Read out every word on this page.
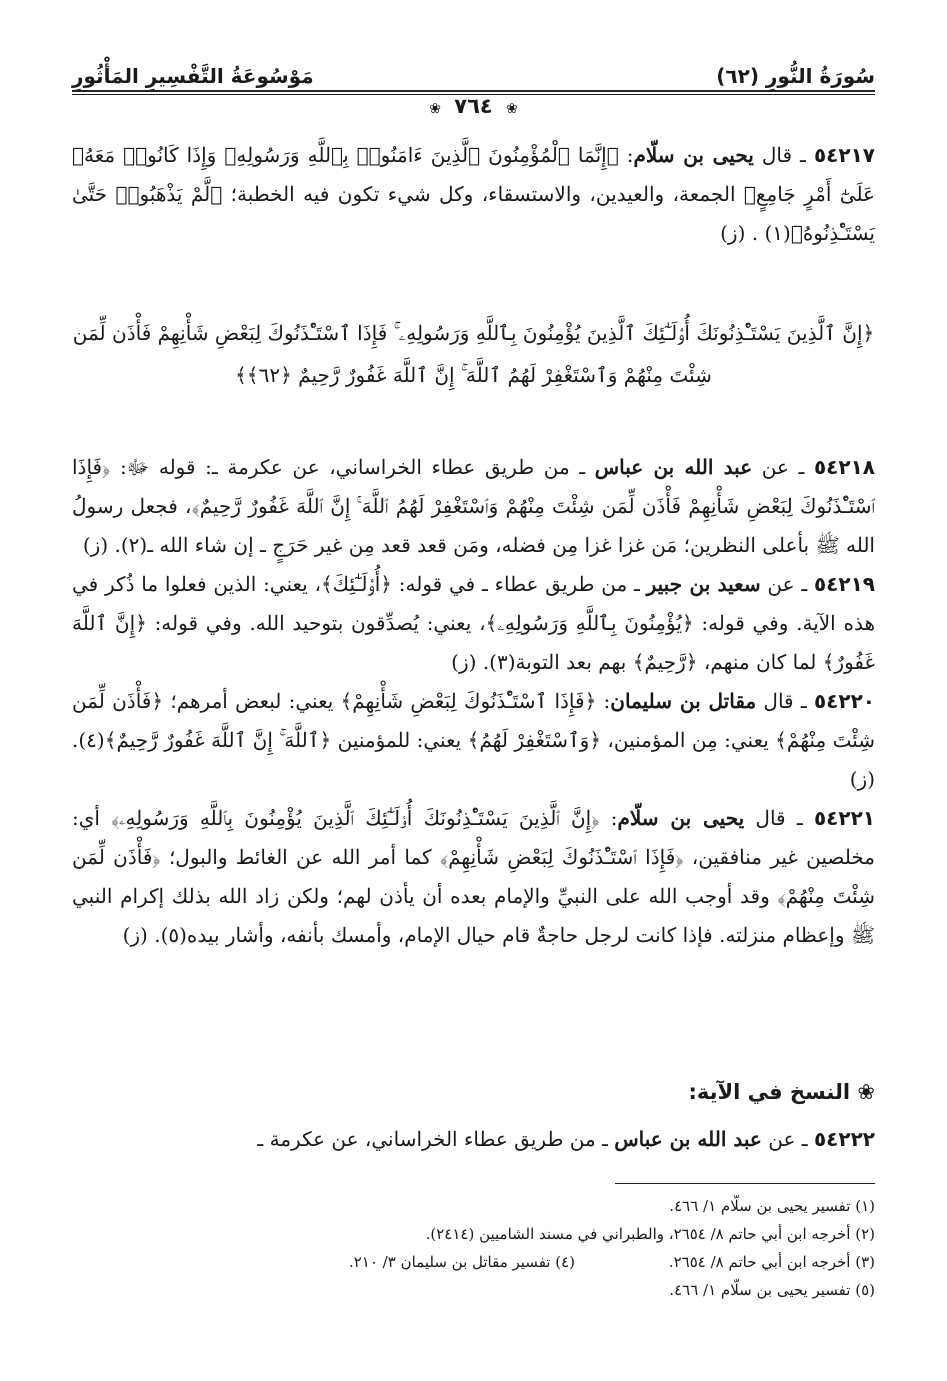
سُورَةُ النُّورِ (٦٢)
مَوْسُوعَةُ التَّفْسِيرِ المَأْثُورِ
❀ ٧٦٤ ❀

٥٤٢١٧ ـ قال يحيى بن سلّام: ﴿إِنَّمَا ٱلْمُؤْمِنُونَ ٱلَّذِينَ ءَامَنُوا۟ بِٱللَّهِ وَرَسُولِهِۦ وَإِذَا كَانُوا۟ مَعَهُۥ عَلَىٰٓ أَمْرٍ جَامِعٍ﴾ الجمعة، والعيدين، والاستسقاء، وكل شيء تكون فيه الخطبة؛ ﴿لَّمْ يَذْهَبُوا۟ حَتَّىٰ يَسْتَـْٔذِنُوهُ﴾(١) . (ز)

﴿إِنَّ ٱلَّذِينَ يَسْتَـْٔذِنُونَكَ أُو۟لَـٰٓئِكَ ٱلَّذِينَ يُؤْمِنُونَ بِٱللَّهِ وَرَسُولِهِۦ ۚ فَإِذَا ٱسْتَـْٔذَنُوكَ لِبَعْضِ شَأْنِهِمْ فَأْذَن لِّمَن شِئْتَ مِنْهُمْ وَٱسْتَغْفِرْ لَهُمُ ٱللَّهَ ۚ إِنَّ ٱللَّهَ غَفُورٌ رَّحِيمٌ ﴿٦٢﴾﴾

٥٤٢١٨ ـ عن عبد الله بن عباس ـ من طريق عطاء الخراساني، عن عكرمة ـ: قوله ﷻ: ﴿فَإِذَا ٱسْتَـْٔذَنُوكَ لِبَعْضِ شَأْنِهِمْ فَأْذَن لِّمَن شِئْتَ مِنْهُمْ وَٱسْتَغْفِرْ لَهُمُ ٱللَّهَ ۚ إِنَّ ٱللَّهَ غَفُورٌ رَّحِيمٌ﴾، فجعل رسولُ الله ﷺ بأعلى النظرين؛ مَن غزا غزا مِن فضله، ومَن قعد قعد مِن غير حَرَجٍ ـ إن شاء الله ـ(٢). (ز)

٥٤٢١٩ ـ عن سعيد بن جبير ـ من طريق عطاء ـ في قوله: ﴿أُو۟لَـٰٓئِكَ﴾، يعني: الذين فعلوا ما ذُكر في هذه الآية. وفي قوله: ﴿يُؤْمِنُونَ بِٱللَّهِ وَرَسُولِهِۦ﴾، يعني: يُصدِّقون بتوحيد الله. وفي قوله: ﴿إِنَّ ٱللَّهَ غَفُورٌ﴾ لما كان منهم، ﴿رَّحِيمٌ﴾ بهم بعد التوبة(٣). (ز)

٥٤٢٢٠ ـ قال مقاتل بن سليمان: ﴿فَإِذَا ٱسْتَـْٔذَنُوكَ لِبَعْضِ شَأْنِهِمْ﴾ يعني: لبعض أمرهم؛ ﴿فَأْذَن لِّمَن شِئْتَ مِنْهُمْ﴾ يعني: مِن المؤمنين، ﴿وَٱسْتَغْفِرْ لَهُمُ﴾ يعني: للمؤمنين ﴿ٱللَّهَ ۚ إِنَّ ٱللَّهَ غَفُورٌ رَّحِيمٌ﴾(٤). (ز)

٥٤٢٢١ ـ قال يحيى بن سلّام: ﴿إِنَّ ٱلَّذِينَ يَسْتَـْٔذِنُونَكَ أُو۟لَـٰٓئِكَ ٱلَّذِينَ يُؤْمِنُونَ بِٱللَّهِ وَرَسُولِهِۦ﴾ أي: مخلصين غير منافقين، ﴿فَإِذَا ٱسْتَـْٔذَنُوكَ لِبَعْضِ شَأْنِهِمْ﴾ كما أمر الله عن الغائط والبول؛ ﴿فَأْذَن لِّمَن شِئْتَ مِنْهُمْ﴾ وقد أوجب الله على النبيِّ والإمام بعده أن يأذن لهم؛ ولكن زاد الله بذلك إكرام النبي ﷺ وإعظام منزلته. فإذا كانت لرجل حاجةٌ قام حيال الإمام، وأمسك بأنفه، وأشار بيده(٥). (ز)

❀ النسخ في الآية:

٥٤٢٢٢ ـ عن عبد الله بن عباس ـ من طريق عطاء الخراساني، عن عكرمة ـ

(١) تفسير يحيى بن سلّام ١/ ٤٦٦.

(٢) أخرجه ابن أبي حاتم ٨/ ٢٦٥٤، والطبراني في مسند الشاميين (٢٤١٤).

(٣) أخرجه ابن أبي حاتم ٨/ ٢٦٥٤.

(٤) تفسير مقاتل بن سليمان ٣/ ٢١٠.

(٥) تفسير يحيى بن سلّام ١/ ٤٦٦.
